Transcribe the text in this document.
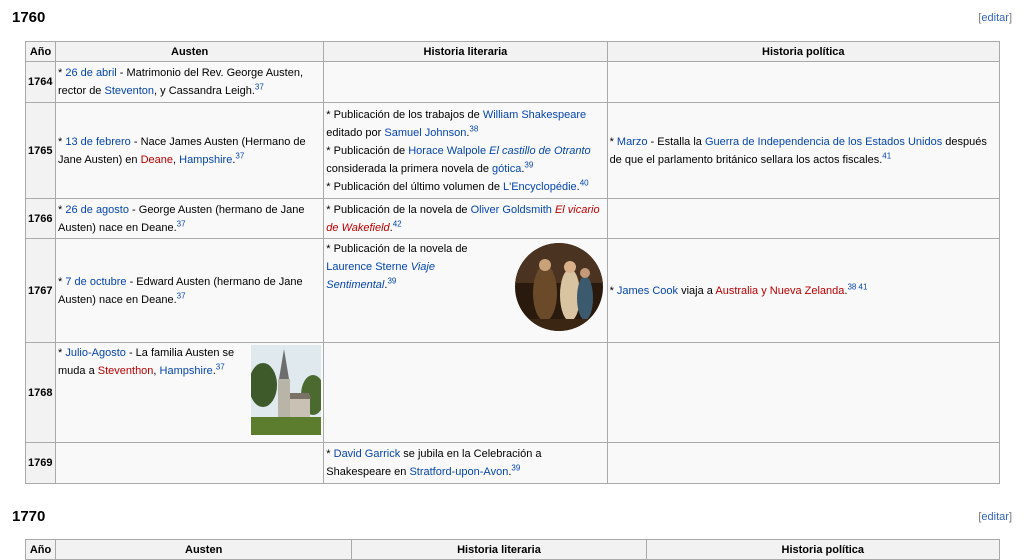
1760	[editar]
Año	Austen	Historia literaria	Historia política
1764	* 26 de abril - Matrimonio del Rev. George Austen, rector de Steventon, y Cassandra Leigh.$^{37}$		
1765	* 13 de febrero - Nace James Austen (Hermano de Jane Austen) en Deane, Hampshire.$^{37}$	* Publicación de los trabajos de William Shakespeare editado por Samuel Johnson.$^{38}$
* Publicación de Horace Walpole El castillo de Otranto considerada la primera novela de gótica.$^{39}$
* Publicación del último volumen de L'Encyclopédie.$^{40}$	* Marzo - Estalla la Guerra de Independencia de los Estados Unidos después de que el parlamento británico sellara los actos fiscales.$^{41}$
1766	* 26 de agosto - George Austen (hermano de Jane Austen) nace en Deane.$^{37}$	* Publicación de la novela de Oliver Goldsmith El vicario de Wakefield.$^{42}$	
1767	* 7 de octubre - Edward Austen (hermano de Jane Austen) nace en Deane.$^{37}$	* Publicación de la novela de Laurence Sterne Viaje Sentimental.$^{39}$	* James Cook viaja a Australia y Nueva Zelanda.$^{38 41}$
1768	* Julio-Agosto - La familia Austen se muda a Steventhon, Hampshire.$^{37}$

1769		* David Garrick se jubila en la Celebración a Shakespeare en Stratford-upon-Avon.$^{39}$	
1770	[editar]
Año	Austen	Historia literaria	Historia política
